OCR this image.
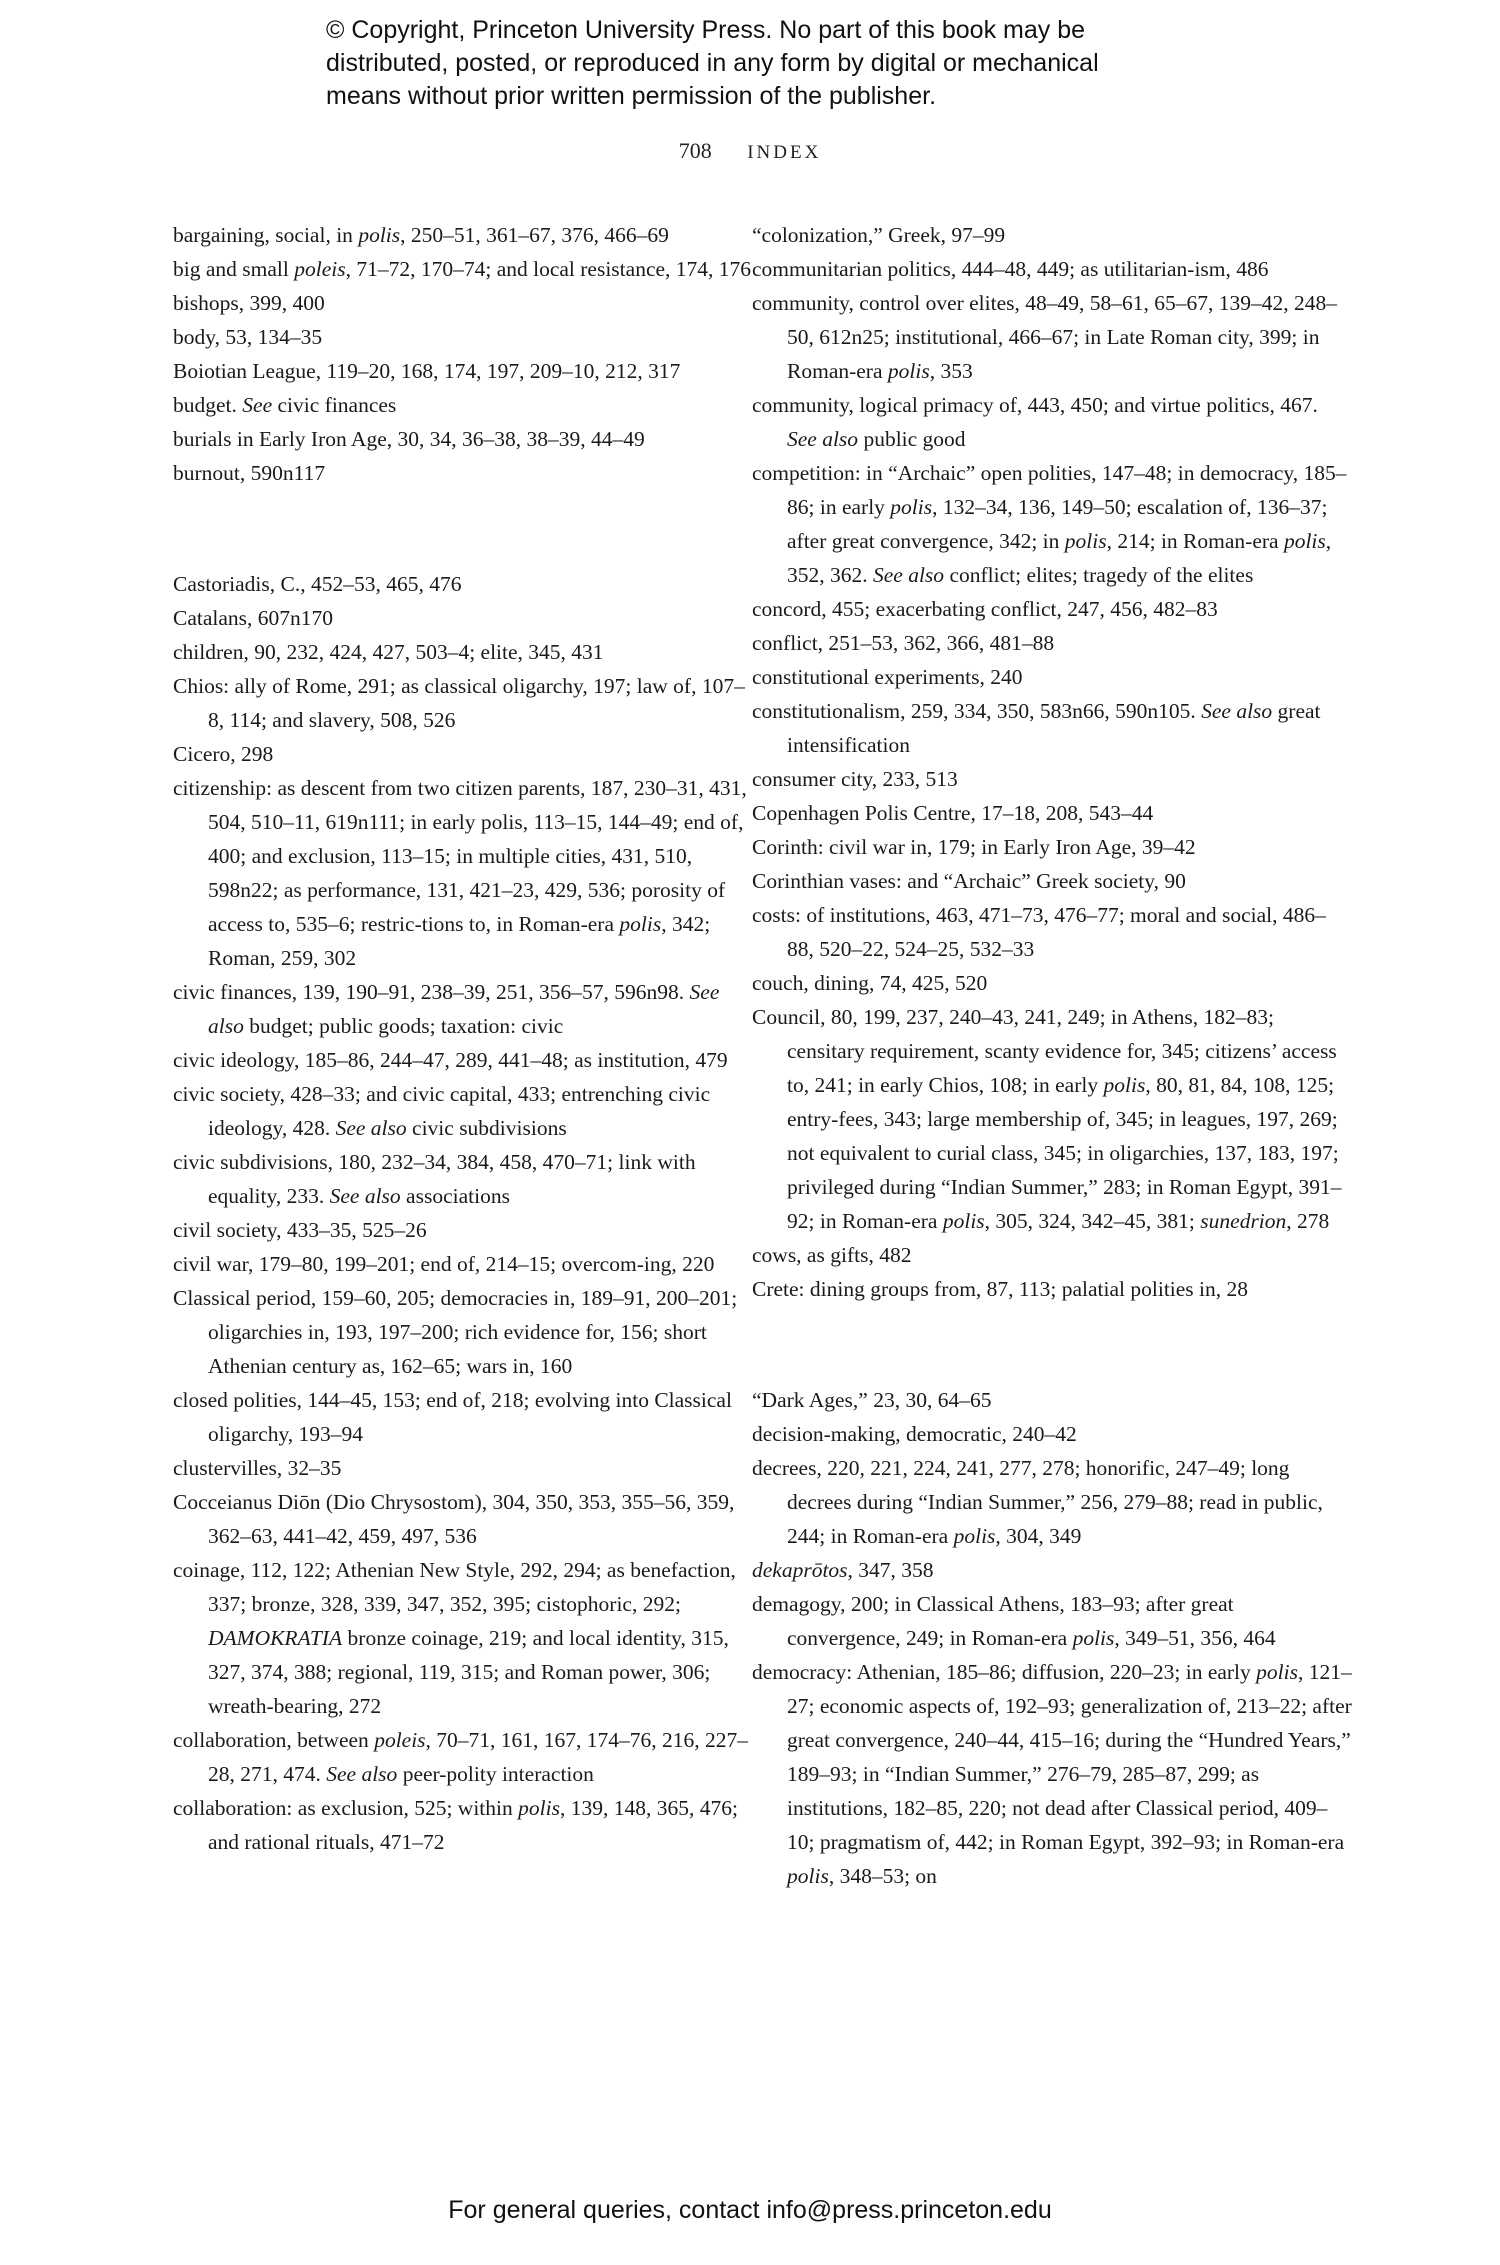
© Copyright, Princeton University Press. No part of this book may be
distributed, posted, or reproduced in any form by digital or mechanical
means without prior written permission of the publisher.
708 INDEX

bargaining, social, in polis, 250–51, 361–67, 376, 466–69

big and small poleis, 71–72, 170–74; and local resistance, 174, 176

bishops, 399, 400

body, 53, 134–35

Boiotian League, 119–20, 168, 174, 197, 209–10, 212, 317

budget. See civic finances

burials in Early Iron Age, 30, 34, 36–38, 38–39, 44–49

burnout, 590n117

Castoriadis, C., 452–53, 465, 476

Catalans, 607n170

children, 90, 232, 424, 427, 503–4; elite, 345, 431

Chios: ally of Rome, 291; as classical oligarchy, 197; law of, 107–8, 114; and slavery, 508, 526

Cicero, 298

citizenship: as descent from two citizen parents, 187, 230–31, 431, 504, 510–11, 619n111; in early polis, 113–15, 144–49; end of, 400; and exclusion, 113–15; in multiple cities, 431, 510, 598n22; as performance, 131, 421–23, 429, 536; porosity of access to, 535–6; restric-tions to, in Roman-era polis, 342; Roman, 259, 302

civic finances, 139, 190–91, 238–39, 251, 356–57, 596n98. See also budget; public goods; taxation: civic

civic ideology, 185–86, 244–47, 289, 441–48; as institution, 479

civic society, 428–33; and civic capital, 433; entrenching civic ideology, 428. See also civic subdivisions

civic subdivisions, 180, 232–34, 384, 458, 470–71; link with equality, 233. See also associations

civil society, 433–35, 525–26

civil war, 179–80, 199–201; end of, 214–15; overcom-ing, 220

Classical period, 159–60, 205; democracies in, 189–91, 200–201; oligarchies in, 193, 197–200; rich evidence for, 156; short Athenian century as, 162–65; wars in, 160

closed polities, 144–45, 153; end of, 218; evolving into Classical oligarchy, 193–94

clustervilles, 32–35

Cocceianus Diōn (Dio Chrysostom), 304, 350, 353, 355–56, 359, 362–63, 441–42, 459, 497, 536

coinage, 112, 122; Athenian New Style, 292, 294; as benefaction, 337; bronze, 328, 339, 347, 352, 395; cistophoric, 292; DAMOKRATIA bronze coinage, 219; and local identity, 315, 327, 374, 388; regional, 119, 315; and Roman power, 306; wreath-bearing, 272

collaboration, between poleis, 70–71, 161, 167, 174–76, 216, 227–28, 271, 474. See also peer-polity interaction

collaboration: as exclusion, 525; within polis, 139, 148, 365, 476; and rational rituals, 471–72

“colonization,” Greek, 97–99

communitarian politics, 444–48, 449; as utilitarian-ism, 486

community, control over elites, 48–49, 58–61, 65–67, 139–42, 248–50, 612n25; institutional, 466–67; in Late Roman city, 399; in Roman-era polis, 353

community, logical primacy of, 443, 450; and virtue politics, 467. See also public good

competition: in “Archaic” open polities, 147–48; in democracy, 185–86; in early polis, 132–34, 136, 149–50; escalation of, 136–37; after great convergence, 342; in polis, 214; in Roman-era polis, 352, 362. See also conflict; elites; tragedy of the elites

concord, 455; exacerbating conflict, 247, 456, 482–83

conflict, 251–53, 362, 366, 481–88

constitutional experiments, 240

constitutionalism, 259, 334, 350, 583n66, 590n105. See also great intensification

consumer city, 233, 513

Copenhagen Polis Centre, 17–18, 208, 543–44

Corinth: civil war in, 179; in Early Iron Age, 39–42

Corinthian vases: and “Archaic” Greek society, 90

costs: of institutions, 463, 471–73, 476–77; moral and social, 486–88, 520–22, 524–25, 532–33

couch, dining, 74, 425, 520

Council, 80, 199, 237, 240–43, 241, 249; in Athens, 182–83; censitary requirement, scanty evidence for, 345; citizens’ access to, 241; in early Chios, 108; in early polis, 80, 81, 84, 108, 125; entry-fees, 343; large membership of, 345; in leagues, 197, 269; not equivalent to curial class, 345; in oligarchies, 137, 183, 197; privileged during “Indian Summer,” 283; in Roman Egypt, 391–92; in Roman-era polis, 305, 324, 342–45, 381; sunedrion, 278

cows, as gifts, 482

Crete: dining groups from, 87, 113; palatial polities in, 28

“Dark Ages,” 23, 30, 64–65

decision-making, democratic, 240–42

decrees, 220, 221, 224, 241, 277, 278; honorific, 247–49; long decrees during “Indian Summer,” 256, 279–88; read in public, 244; in Roman-era polis, 304, 349

dekaprōtos, 347, 358

demagogy, 200; in Classical Athens, 183–93; after great convergence, 249; in Roman-era polis, 349–51, 356, 464

democracy: Athenian, 185–86; diffusion, 220–23; in early polis, 121–27; economic aspects of, 192–93; generalization of, 213–22; after great convergence, 240–44, 415–16; during the “Hundred Years,” 189–93; in “Indian Summer,” 276–79, 285–87, 299; as institutions, 182–85, 220; not dead after Classical period, 409–10; pragmatism of, 442; in Roman Egypt, 392–93; in Roman-era polis, 348–53; on

For general queries, contact info@press.princeton.edu
